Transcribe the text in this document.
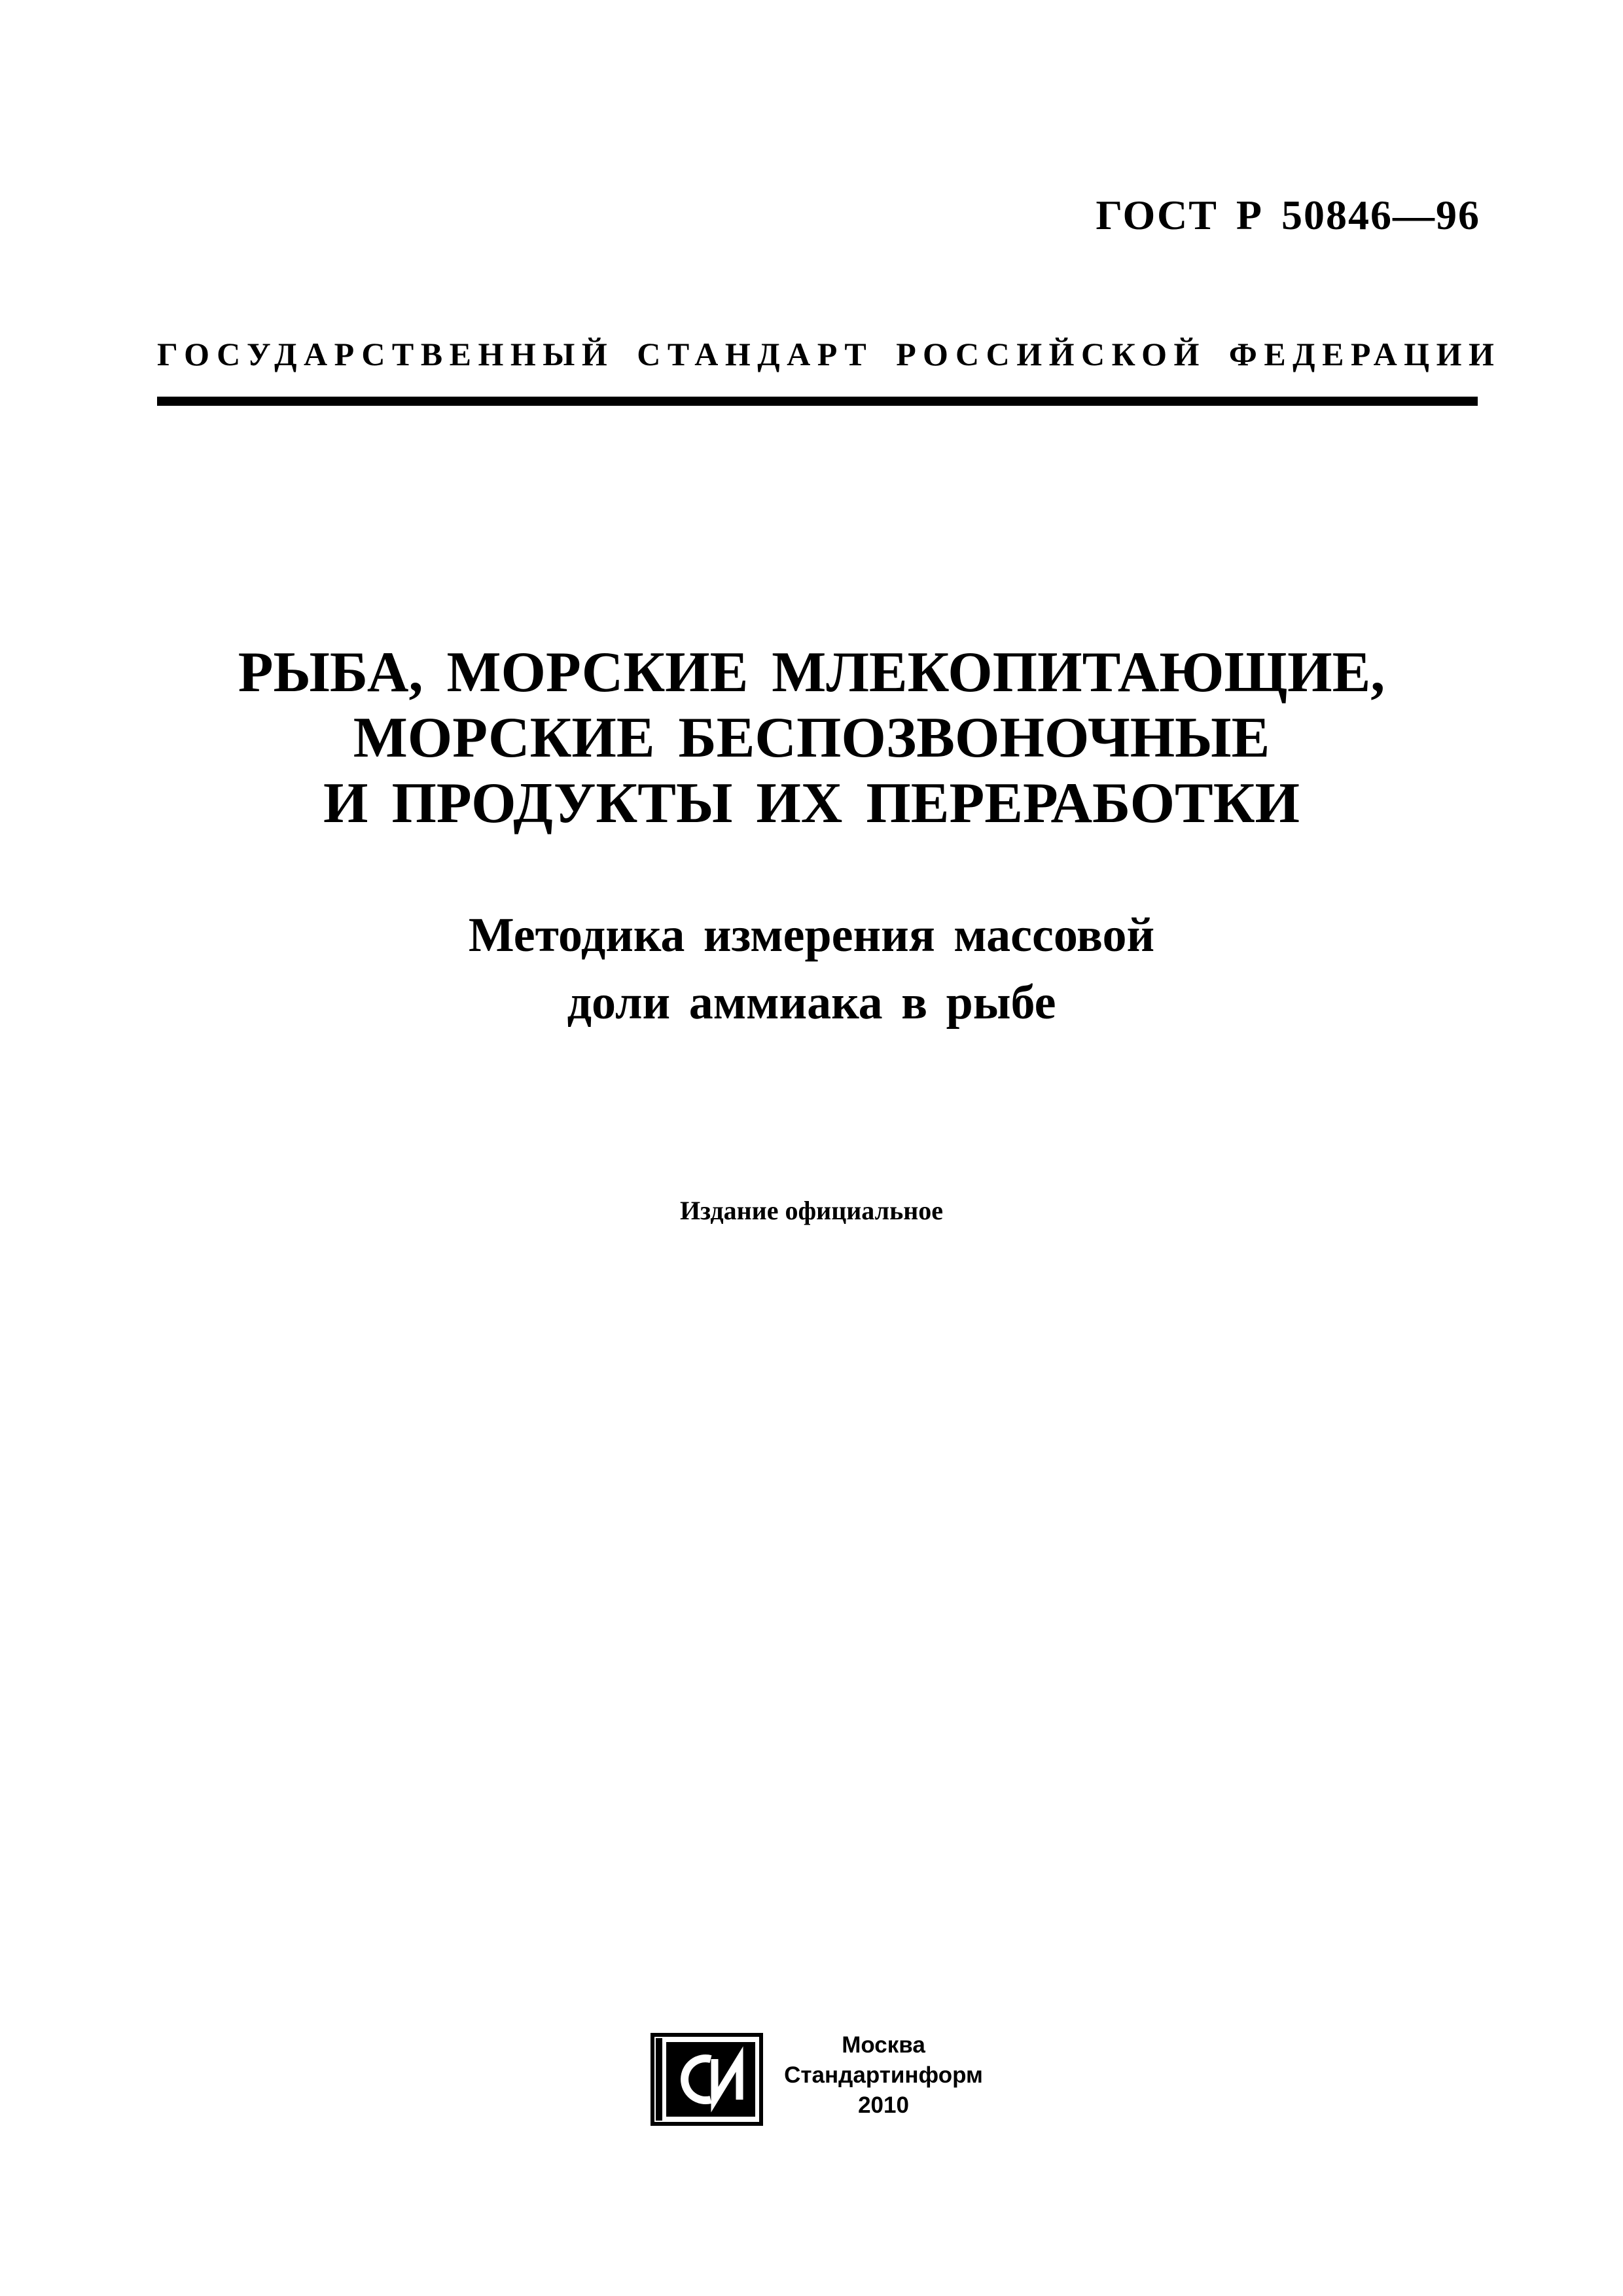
ГОСТ Р 50846—96
ГОСУДАРСТВЕННЫЙ СТАНДАРТ РОССИЙСКОЙ ФЕДЕРАЦИИ
РЫБА, МОРСКИЕ МЛЕКОПИТАЮЩИЕ,
МОРСКИЕ БЕСПОЗВОНОЧНЫЕ
И ПРОДУКТЫ ИХ ПЕРЕРАБОТКИ
Методика измерения массовой
доли аммиака в рыбе
Издание официальное
Москва
Стандартинформ
2010
